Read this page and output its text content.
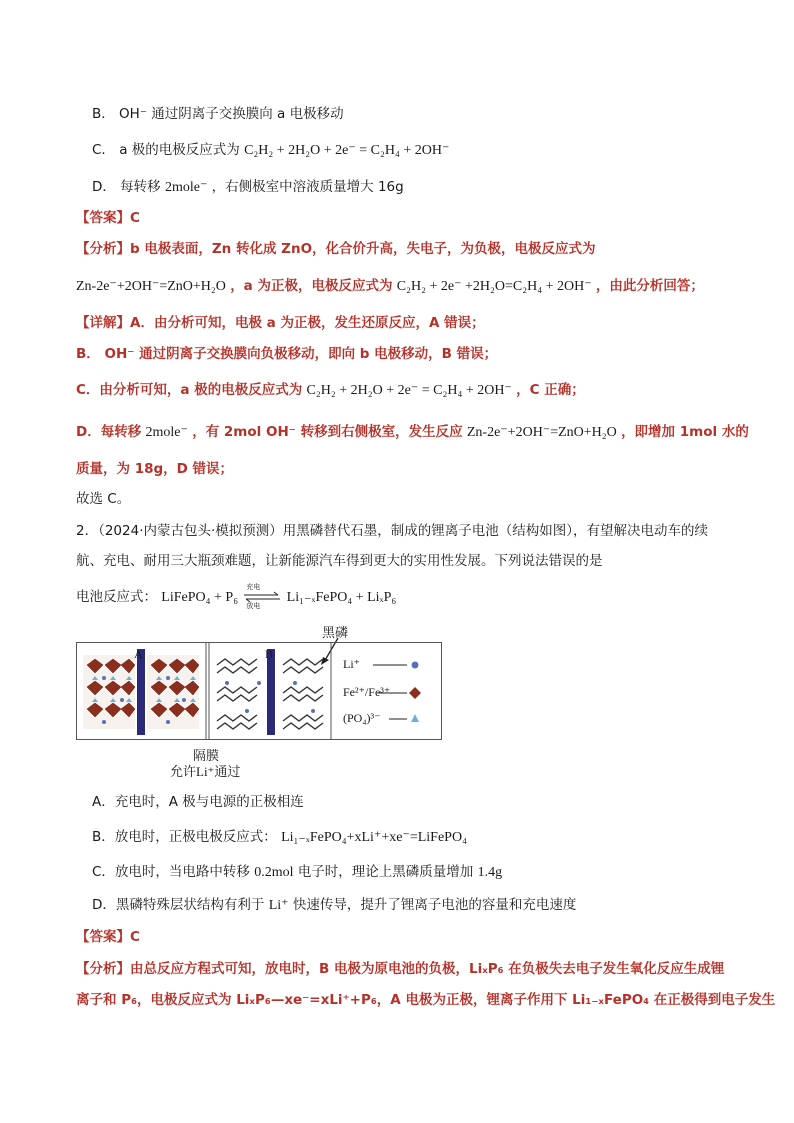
B． OH⁻ 通过阴离子交换膜向 a 电极移动
C． a 极的电极反应式为 C₂H₂ + 2H₂O + 2e⁻ = C₂H₄ + 2OH⁻
D． 每转移 2mole⁻ ，右侧极室中溶液质量增大 16g
【答案】C
【分析】b 电极表面，Zn 转化成 ZnO，化合价升高，失电子，为负极，电极反应式为
Zn-2e⁻+2OH⁻=ZnO+H₂O ，a 为正极，电极反应式为 C₂H₂ + 2e⁻ +2H₂O=C₂H₄ + 2OH⁻ ，由此分析回答；
【详解】A．由分析可知，电极 a 为正极，发生还原反应，A 错误；
B． OH⁻ 通过阴离子交换膜向负极移动，即向 b 电极移动，B 错误；
C．由分析可知，a 极的电极反应式为 C₂H₂ + 2H₂O + 2e⁻ = C₂H₄ + 2OH⁻ ，C 正确；
D．每转移 2mole⁻ ，有 2mol OH⁻ 转移到右侧极室，发生反应 Zn-2e⁻+2OH⁻=ZnO+H₂O ，即增加 1mol 水的
质量，为 18g，D 错误；
故选 C。
2．（2024·内蒙古包头·模拟预测）用黑磷替代石墨，制成的锂离子电池（结构如图），有望解决电动车的续
航、充电、耐用三大瓶颈难题，让新能源汽车得到更大的实用性发展。下列说法错误的是
电池反应式： LiFePO₄ + P₆
充电
放电
Li₁₋ₓFePO₄ + LiₓP₆
黑磷
A	B
Li⁺
Fe²⁺/Fe³⁺
(PO₄)³⁻
隔膜
允许Li⁺通过
A．充电时，A 极与电源的正极相连
B．放电时，正极电极反应式： Li₁₋ₓFePO₄+xLi⁺+xe⁻=LiFePO₄
C．放电时，当电路中转移 0.2mol 电子时，理论上黑磷质量增加 1.4g
D．黑磷特殊层状结构有利于 Li⁺ 快速传导，提升了锂离子电池的容量和充电速度
【答案】C
【分析】由总反应方程式可知，放电时，B 电极为原电池的负极，LiₓP₆ 在负极失去电子发生氧化反应生成锂
离子和 P₆，电极反应式为 LiₓP₆—xe⁻=xLi⁺+P₆，A 电极为正极，锂离子作用下 Li₁₋ₓFePO₄ 在正极得到电子发生
